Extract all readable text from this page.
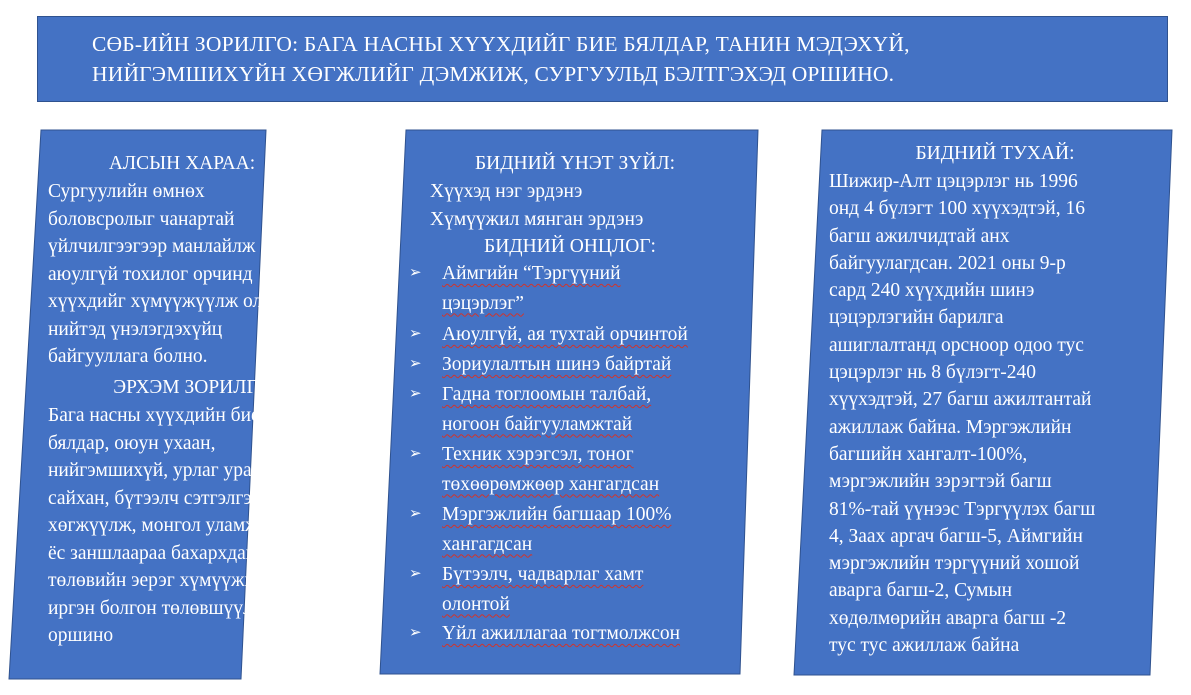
СӨБ-ИЙН ЗОРИЛГО: БАГА НАСНЫ ХҮҮХДИЙГ БИЕ БЯЛДАР, ТАНИН МЭДЭХҮЙ,
НИЙГЭМШИХҮЙН ХӨГЖЛИЙГ ДЭМЖИЖ, СУРГУУЛЬД БЭЛТГЭХЭД ОРШИНО.
АЛСЫН ХАРАА:
Сургуулийн өмнөх
боловсролыг чанартай
үйлчилгээгээр манлайлж
аюулгүй тохилог орчинд
хүүхдийг хүмүүжүүлж олон
нийтэд үнэлэгдэхүйц
байгууллага болно.
ЭРХЭМ ЗОРИЛГО:
Бага насны хүүхдийн бие
бялдар, оюун ухаан,
нийгэмшихүй, урлаг уран
сайхан, бүтээлч сэтгэлгээг нь
хөгжүүлж, монгол уламжлалт
ёс заншлаараа бахархдаг, зан
төлөвийн эерэг хүмүүжилтэй
иргэн болгон төлөвшүүлэхэд
оршино
БИДНИЙ ҮНЭТ ЗҮЙЛ:
Хүүхэд нэг эрдэнэ
Хүмүүжил мянган эрдэнэ
БИДНИЙ ОНЦЛОГ:
➢ Аймгийн “Тэргүүний
цэцэрлэг”
➢ Аюулгүй, ая тухтай орчинтой
➢ Зориулалтын шинэ байртай
➢ Гадна тоглоомын талбай,
ногоон байгууламжтай
➢ Техник хэрэгсэл, тоног
төхөөрөмжөөр хангагдсан
➢ Мэргэжлийн багшаар 100%
хангагдсан
➢ Бүтээлч, чадварлаг хамт
олонтой
➢ Үйл ажиллагаа тогтмолжсон
БИДНИЙ ТУХАЙ:
Шижир-Алт цэцэрлэг нь 1996
онд 4 бүлэгт 100 хүүхэдтэй, 16
багш ажилчидтай анх
байгуулагдсан. 2021 оны 9-р
сард 240 хүүхдийн шинэ
цэцэрлэгийн барилга
ашиглалтанд орсноор одоо тус
цэцэрлэг нь 8 бүлэгт-240
хүүхэдтэй, 27 багш ажилтантай
ажиллаж байна. Мэргэжлийн
багшийн хангалт-100%,
мэргэжлийн зэрэгтэй багш
81%-тай үүнээс Тэргүүлэх багш
4, Заах аргач багш-5, Аймгийн
мэргэжлийн тэргүүний хошой
аварга багш-2, Сумын
хөдөлмөрийн аварга багш -2
тус тус ажиллаж байна
